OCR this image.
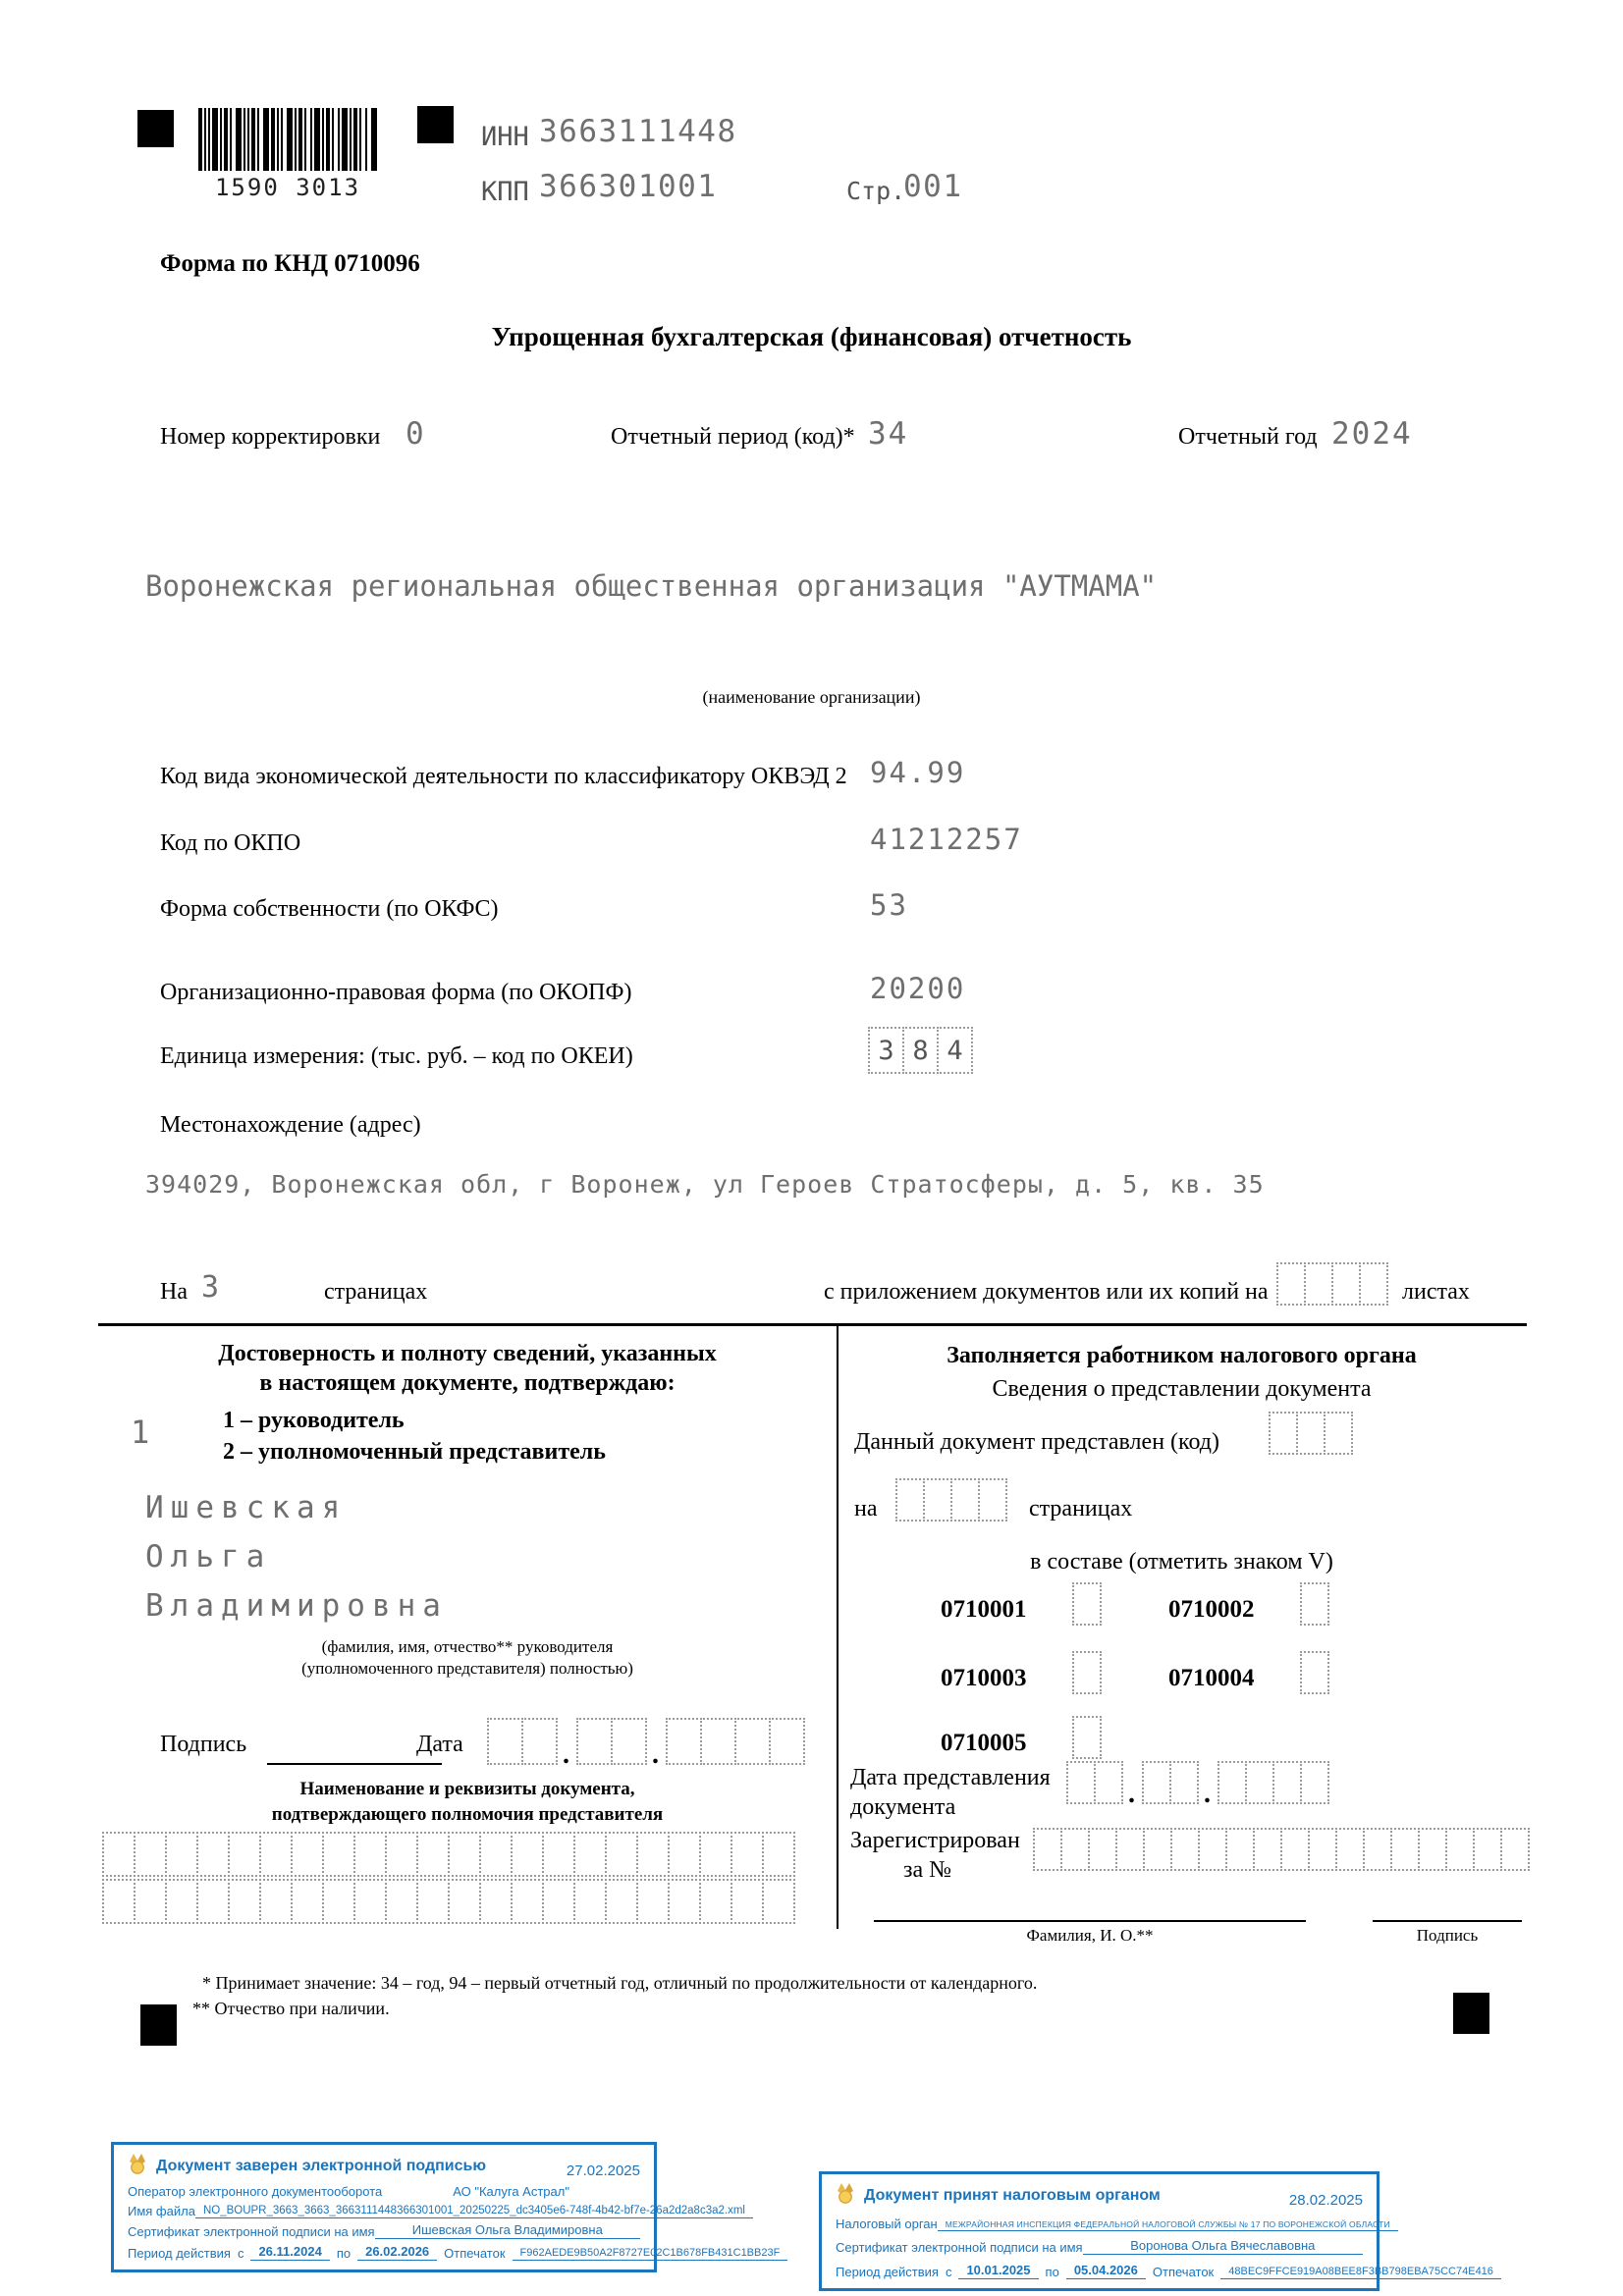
1590 3013
ИНН 3663111448
КПП 366301001	Стр.
001
Форма по КНД 0710096
Упрощенная бухгалтерская (финансовая) отчетность
Номер корректировки 0	Отчетный период (код)* 34	Отчетный год 2024
Воронежская региональная общественная организация "АУТМАМА"
(наименование организации)
Код вида экономической деятельности по классификатору ОКВЭД 2 94.99
Код по ОКПО	41212257
Форма собственности (по ОКФС)	53
Организационно-правовая форма (по ОКОПФ)	20200
Единица измерения: (тыс. руб. – код по ОКЕИ)	3 8 4
Местонахождение (адрес)
394029, Воронежская обл, г Воронеж, ул Героев Стратосферы, д. 5, кв. 35
На 3	страницах	с приложением документов или их копий на	листах
Достоверность и полноту сведений, указанных
в настоящем документе, подтверждаю:
1	1 – руководитель
2 – уполномоченный представитель
Ишевская
Ольга
Владимировна
(фамилия, имя, отчество** руководителя
(уполномоченного представителя) полностью)
Подпись	Дата	.	.
Наименование и реквизиты документа,
подтверждающего полномочия представителя
Заполняется работником налогового органа
Сведения о представлении документа
Данный документ представлен (код)
на	страницах
в составе (отметить знаком V)
0710001	0710002
0710003	0710004
0710005
Дата представления
документа	.	.
Зарегистрирован
за №
Фамилия, И. О.**	Подпись
* Принимает значение: 34 – год, 94 – первый отчетный год, отличный по продолжительности от календарного.
** Отчество при наличии.
Документ заверен электронной подписью	27.02.2025
Оператор электронного документооборота	АО "Калуга Астрал"
Имя файла NO_BOUPR_3663_3663_3663111448366301001_20250225_dc3405e6-748f-4b42-bf7e-26a2d2a8c3a2.xml
Сертификат электронной подписи на имя	Ишевская Ольга Владимировна
Период действия с	26.11.2024	по	26.02.2026	Отпечаток	F962AEDE9B50A2F8727E02C1B678FB431C1BB23F
Документ принят налоговым органом	28.02.2025
Налоговый орган МЕЖРАЙОННАЯ ИНСПЕКЦИЯ ФЕДЕРАЛЬНОЙ НАЛОГОВОЙ СЛУЖБЫ № 17 ПО ВОРОНЕЖСКОЙ ОБЛАСТИ
Сертификат электронной подписи на имя	Воронова Ольга Вячеславовна
Период действия с	10.01.2025	по	05.04.2026	Отпечаток	48BEC9FFCE919A08BEE8F3BB798EBA75CC74E416
